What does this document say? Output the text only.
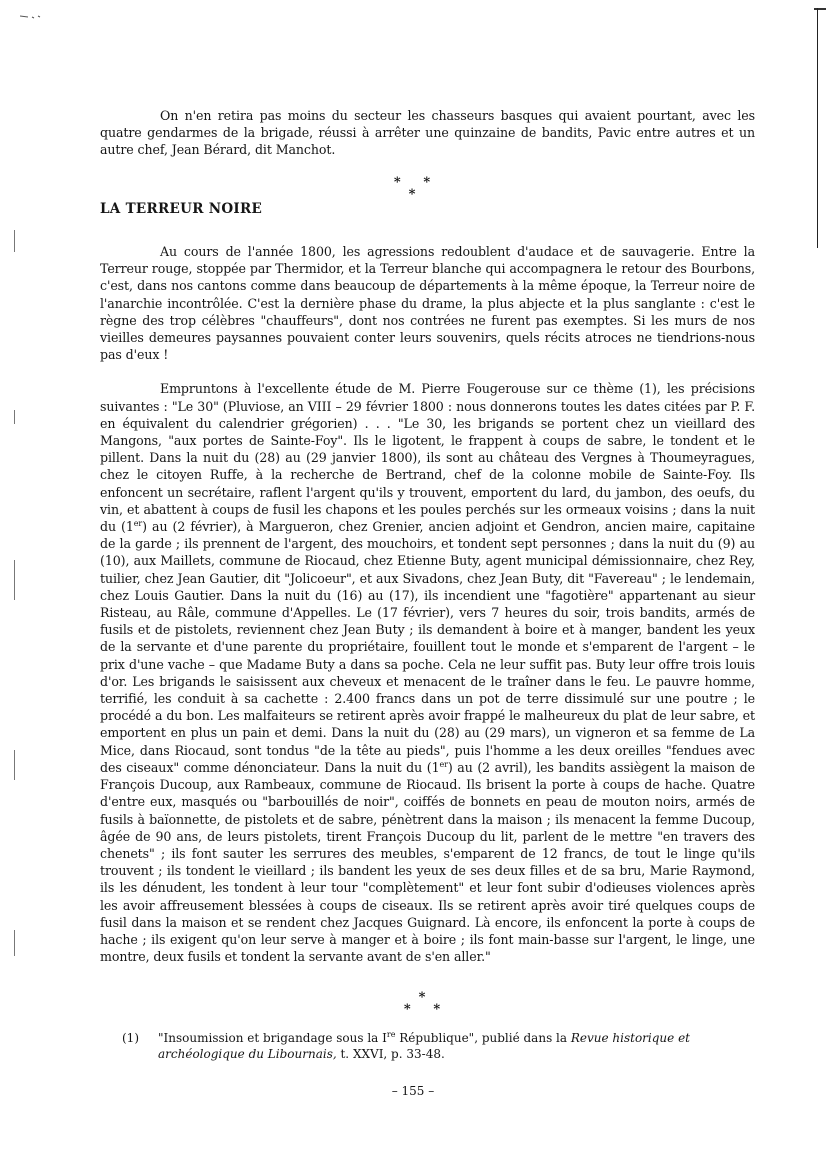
On n'en retira pas moins du secteur les chasseurs basques qui avaient pourtant, avec les quatre gendarmes de la brigade, réussi à arrêter une quinzaine de bandits, Pavic entre autres et un autre chef, Jean Bérard, dit Manchot.

* *
*
LA TERREUR NOIRE

Au cours de l'année 1800, les agressions redoublent d'audace et de sauvagerie. Entre la Terreur rouge, stoppée par Thermidor, et la Terreur blanche qui accompagnera le retour des Bourbons, c'est, dans nos cantons comme dans beaucoup de départements à la même époque, la Terreur noire de l'anarchie incontrôlée. C'est la dernière phase du drame, la plus abjecte et la plus sanglante : c'est le règne des trop célèbres "chauffeurs", dont nos contrées ne furent pas exemptes. Si les murs de nos vieilles demeures paysannes pouvaient conter leurs souvenirs, quels récits atroces ne tiendrions-nous pas d'eux !

Empruntons à l'excellente étude de M. Pierre Fougerouse sur ce thème (1), les précisions suivantes : "Le 30" (Pluviose, an VIII – 29 février 1800 : nous donnerons toutes les dates citées par P. F. en équivalent du calendrier grégorien) . . . "Le 30, les brigands se portent chez un vieillard des Mangons, "aux portes de Sainte-Foy". Ils le ligotent, le frappent à coups de sabre, le tondent et le pillent. Dans la nuit du (28) au (29 janvier 1800), ils sont au château des Vergnes à Thoumeyragues, chez le citoyen Ruffe, à la recherche de Bertrand, chef de la colonne mobile de Sainte-Foy. Ils enfoncent un secrétaire, raflent l'argent qu'ils y trouvent, emportent du lard, du jambon, des oeufs, du vin, et abattent à coups de fusil les chapons et les poules perchés sur les ormeaux voisins ; dans la nuit du (1er) au (2 février), à Margueron, chez Grenier, ancien adjoint et Gendron, ancien maire, capitaine de la garde ; ils prennent de l'argent, des mouchoirs, et tondent sept personnes ; dans la nuit du (9) au (10), aux Maillets, commune de Riocaud, chez Etienne Buty, agent municipal démissionnaire, chez Rey, tuilier, chez Jean Gautier, dit "Jolicoeur", et aux Sivadons, chez Jean Buty, dit "Favereau" ; le lendemain, chez Louis Gautier. Dans la nuit du (16) au (17), ils incendient une "fagotière" appartenant au sieur Risteau, au Râle, commune d'Appelles. Le (17 février), vers 7 heures du soir, trois bandits, armés de fusils et de pistolets, reviennent chez Jean Buty ; ils demandent à boire et à manger, bandent les yeux de la servante et d'une parente du propriétaire, fouillent tout le monde et s'emparent de l'argent – le prix d'une vache – que Madame Buty a dans sa poche. Cela ne leur suffit pas. Buty leur offre trois louis d'or. Les brigands le saisissent aux cheveux et menacent de le traîner dans le feu. Le pauvre homme, terrifié, les conduit à sa cachette : 2.400 francs dans un pot de terre dissimulé sur une poutre ; le procédé a du bon. Les malfaiteurs se retirent après avoir frappé le malheureux du plat de leur sabre, et emportent en plus un pain et demi. Dans la nuit du (28) au (29 mars), un vigneron et sa femme de La Mice, dans Riocaud, sont tondus "de la tête au pieds", puis l'homme a les deux oreilles "fendues avec des ciseaux" comme dénonciateur. Dans la nuit du (1er) au (2 avril), les bandits assiègent la maison de François Ducoup, aux Rambeaux, commune de Riocaud. Ils brisent la porte à coups de hache. Quatre d'entre eux, masqués ou "barbouillés de noir", coiffés de bonnets en peau de mouton noirs, armés de fusils à baïonnette, de pistolets et de sabre, pénètrent dans la maison ; ils menacent la femme Ducoup, âgée de 90 ans, de leurs pistolets, tirent François Ducoup du lit, parlent de le mettre "en travers des chenets" ; ils font sauter les serrures des meubles, s'emparent de 12 francs, de tout le linge qu'ils trouvent ; ils tondent le vieillard ; ils bandent les yeux de ses deux filles et de sa bru, Marie Raymond, ils les dénudent, les tondent à leur tour "complètement" et leur font subir d'odieuses violences après les avoir affreusement blessées à coups de ciseaux. Ils se retirent après avoir tiré quelques coups de fusil dans la maison et se rendent chez Jacques Guignard. Là encore, ils enfoncent la porte à coups de hache ; ils exigent qu'on leur serve à manger et à boire ; ils font main-basse sur l'argent, le linge, une montre, deux fusils et tondent la servante avant de s'en aller."

*
* *
(1) "Insoumission et brigandage sous la Ire République", publié dans la Revue historique et archéologique du Libournais, t. XXVI, p. 33-48.
– 155 –
